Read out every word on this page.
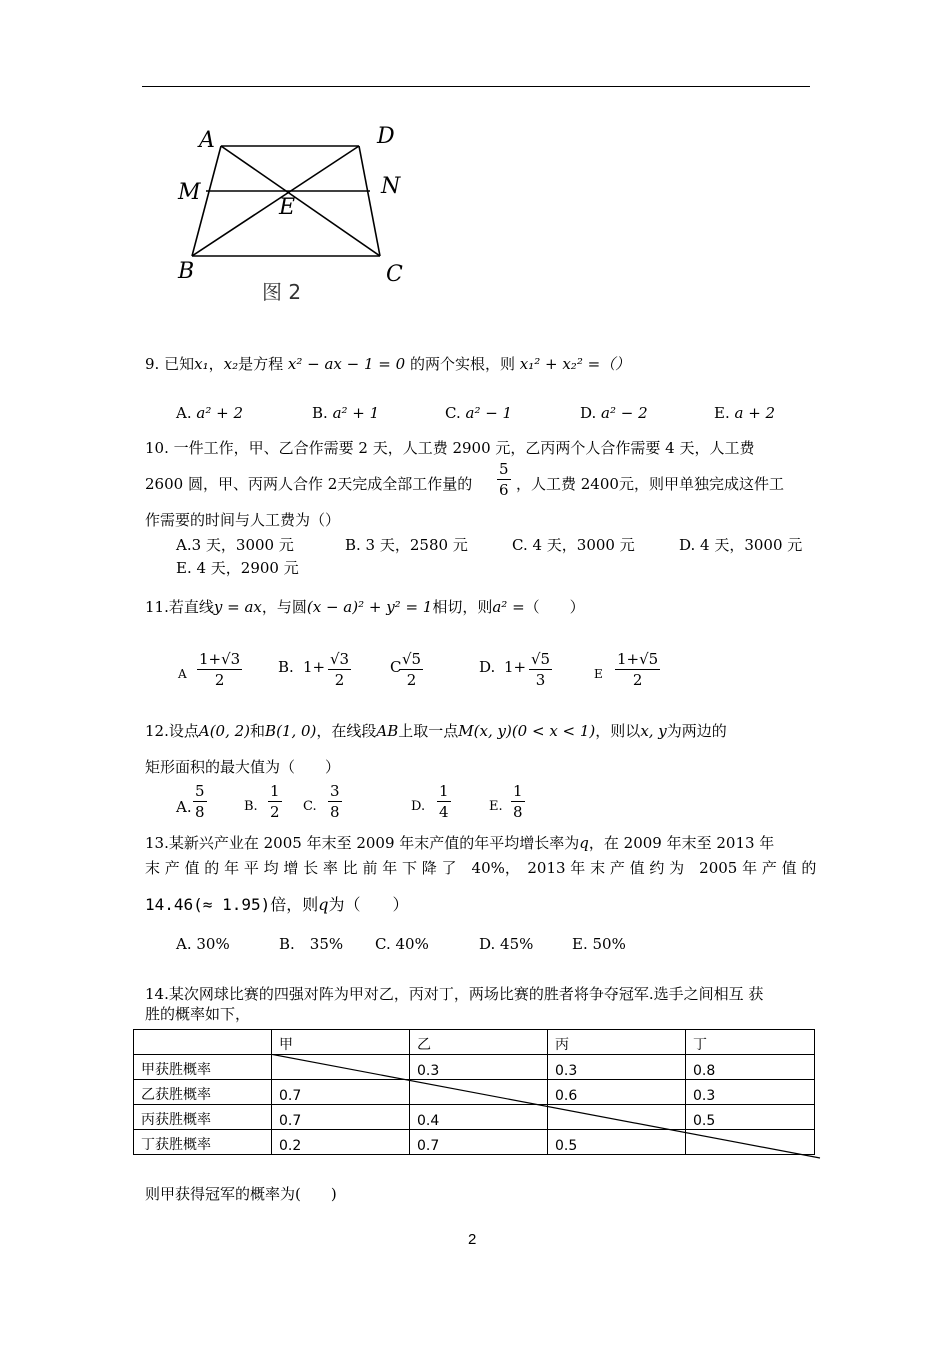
A	D
M	N
E
B	C
图 2
9. 已知x₁，x₂是方程 x² − ax − 1 = 0 的两个实根，则 x₁² + x₂² =（）
A. a² + 2	B. a² + 1	C. a² − 1	D. a² − 2	E. a + 2
10. 一件工作，甲、乙合作需要 2 天，人工费 2900 元，乙丙两个人合作需要 4 天，人工费
2600 圆，甲、丙两人合作 2天完成全部工作量的 $\frac{5}{6}$ ，人工费 2400元，则甲单独完成这件工
作需要的时间与人工费为（）
A.3 天，3000 元	B. 3 天，2580 元	C. 4 天，3000 元	D. 4 天，3000 元
E. 4 天，2900 元
11.若直线y = ax，与圆(x − a)² + y² = 1相切，则a² =（　　）
A $\frac{1+√3}{2} B$. $1+ \frac{√3}{2}$	C
$\frac{√5}{2}$	D. $1+ \frac{√5}{3}$	E $\frac{1+√5}{2}$
12.设点A(0, 2)和B(1, 0)，在线段AB上取一点M(x, y)(0 < x < 1)，则以x, y为两边的
矩形面积的最大值为（　　）
A. $\frac{5}{8}$	B. $\frac{1}{2} C$. $\frac{3}{8}$	D. $\frac{1}{4}$	E. $\frac{1}{8}$
13.某新兴产业在 2005 年末至 2009 年末产值的年平均增长率为q，在 2009 年末至 2013 年
末 产 值 的 年 平 均 增 长 率 比 前 年 下 降 了　40%，　2013 年 末 产 值 约 为　2005 年 产 值 的
14.46(≈ 1.95)倍，则q为（　　）
A. 30%	B.　35% C. 40%	D. 45%	E. 50%
14.某次网球比赛的四强对阵为甲对乙，丙对丁，两场比赛的胜者将争夺冠军.选手之间相互 获
胜的概率如下，
	甲	乙	丙	丁
甲获胜概率		0.3	0.3	0.8
乙获胜概率	0.7		0.6	0.3
丙获胜概率	0.7	0.4		0.5
丁获胜概率	0.2	0.7	0.5	
则甲获得冠军的概率为(　　)
2
